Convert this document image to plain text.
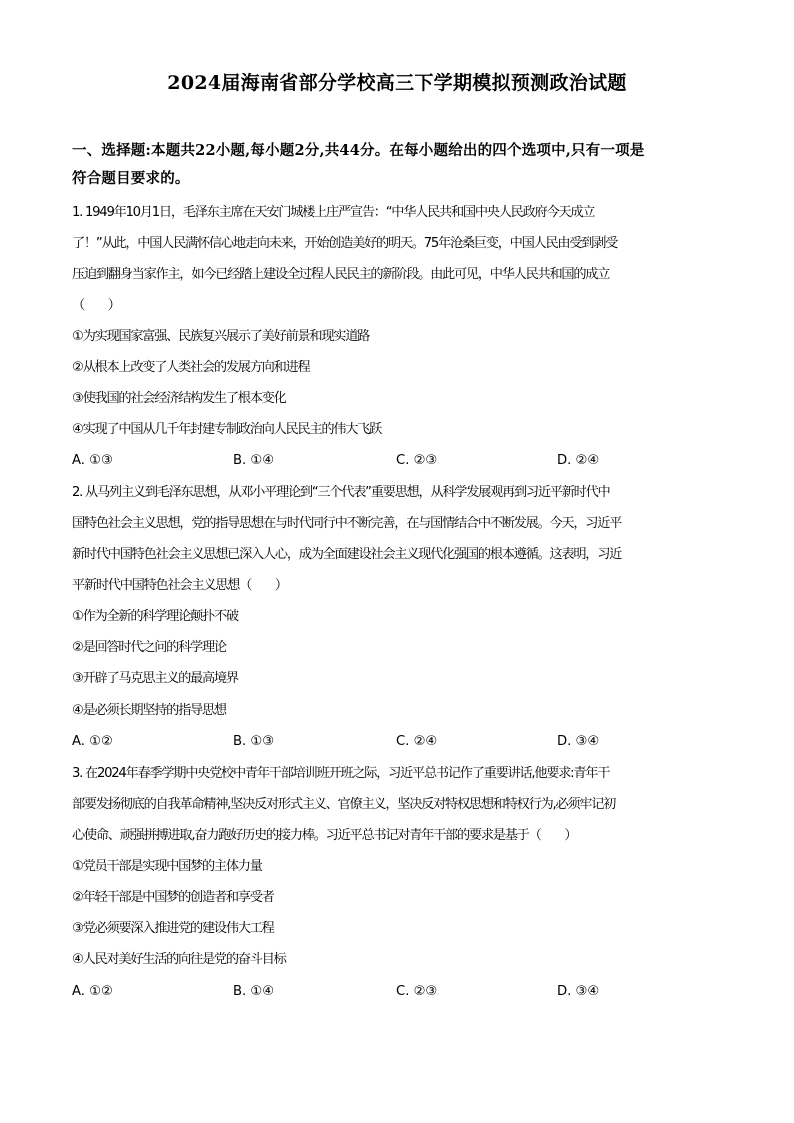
2024届海南省部分学校高三下学期模拟预测政治试题
一、选择题:本题共22小题,每小题2分,共44分。在每小题给出的四个选项中,只有一项是
符合题目要求的。
1. 1949年10月1日，毛泽东主席在天安门城楼上庄严宣告：“中华人民共和国中央人民政府今天成立
了！”从此，中国人民满怀信心地走向未来，开始创造美好的明天。75年沧桑巨变，中国人民由受到剥受
压迫到翻身当家作主，如今已经踏上建设全过程人民民主的新阶段。由此可见，中华人民共和国的成立
（　　）
①为实现国家富强、民族复兴展示了美好前景和现实道路
②从根本上改变了人类社会的发展方向和进程
③使我国的社会经济结构发生了根本变化
④实现了中国从几千年封建专制政治向人民民主的伟大飞跃
A. ①③	B. ①④	C. ②③	D. ②④
2. 从马列主义到毛泽东思想，从邓小平理论到“三个代表”重要思想，从科学发展观再到习近平新时代中
国特色社会主义思想，党的指导思想在与时代同行中不断完善，在与国情结合中不断发展。今天，习近平
新时代中国特色社会主义思想已深入人心，成为全面建设社会主义现代化强国的根本遵循。这表明，习近
平新时代中国特色社会主义思想（　　）
①作为全新的科学理论颠扑不破
②是回答时代之问的科学理论
③开辟了马克思主义的最高境界
④是必须长期坚持的指导思想
A. ①②	B. ①③	C. ②④	D. ③④
3. 在2024年春季学期中央党校中青年干部培训班开班之际，习近平总书记作了重要讲话,他要求:青年干
部要发扬彻底的自我革命精神,坚决反对形式主义、官僚主义，坚决反对特权思想和特权行为,必须牢记初
心使命、顽强拼搏进取,奋力跑好历史的接力棒。习近平总书记对青年干部的要求是基于（　　）
①党员干部是实现中国梦的主体力量
②年轻干部是中国梦的创造者和享受者
③党必须要深入推进党的建设伟大工程
④人民对美好生活的向往是党的奋斗目标
A. ①②	B. ①④	C. ②③	D. ③④
